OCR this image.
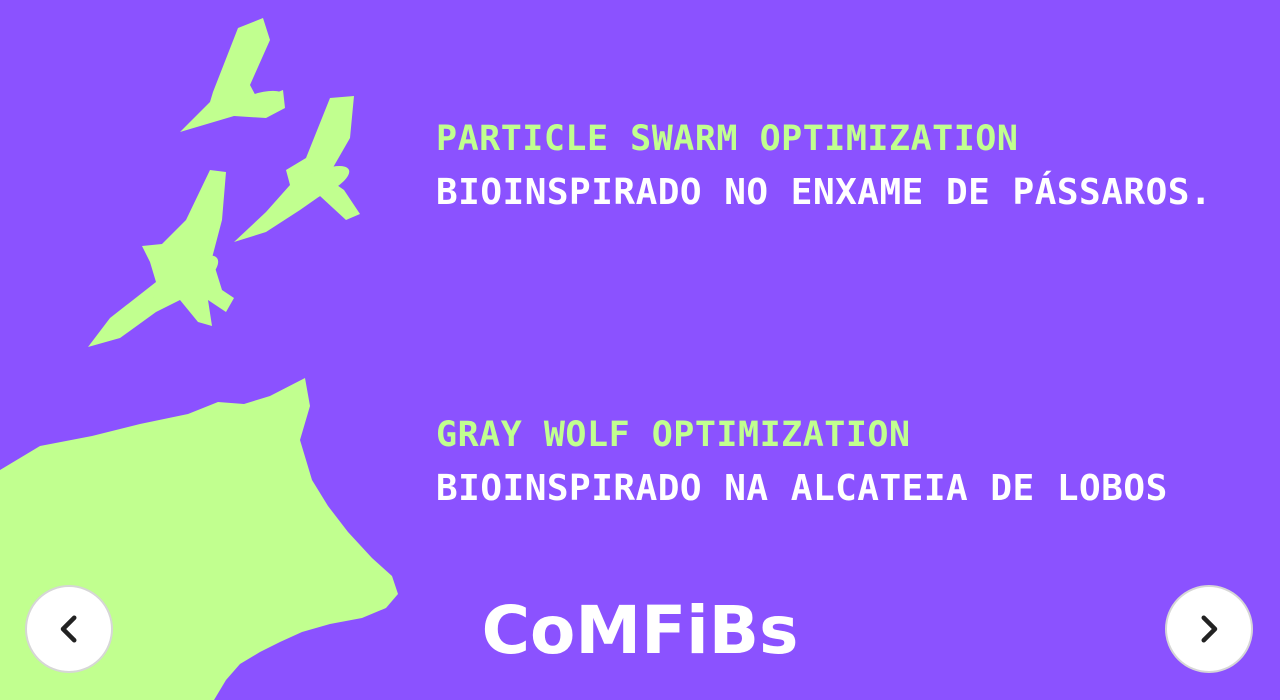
PARTICLE SWARM OPTIMIZATION
BIOINSPIRADO NO ENXAME DE PÁSSAROS.
GRAY WOLF OPTIMIZATION
BIOINSPIRADO NA ALCATEIA DE LOBOS
CoMFiBs
